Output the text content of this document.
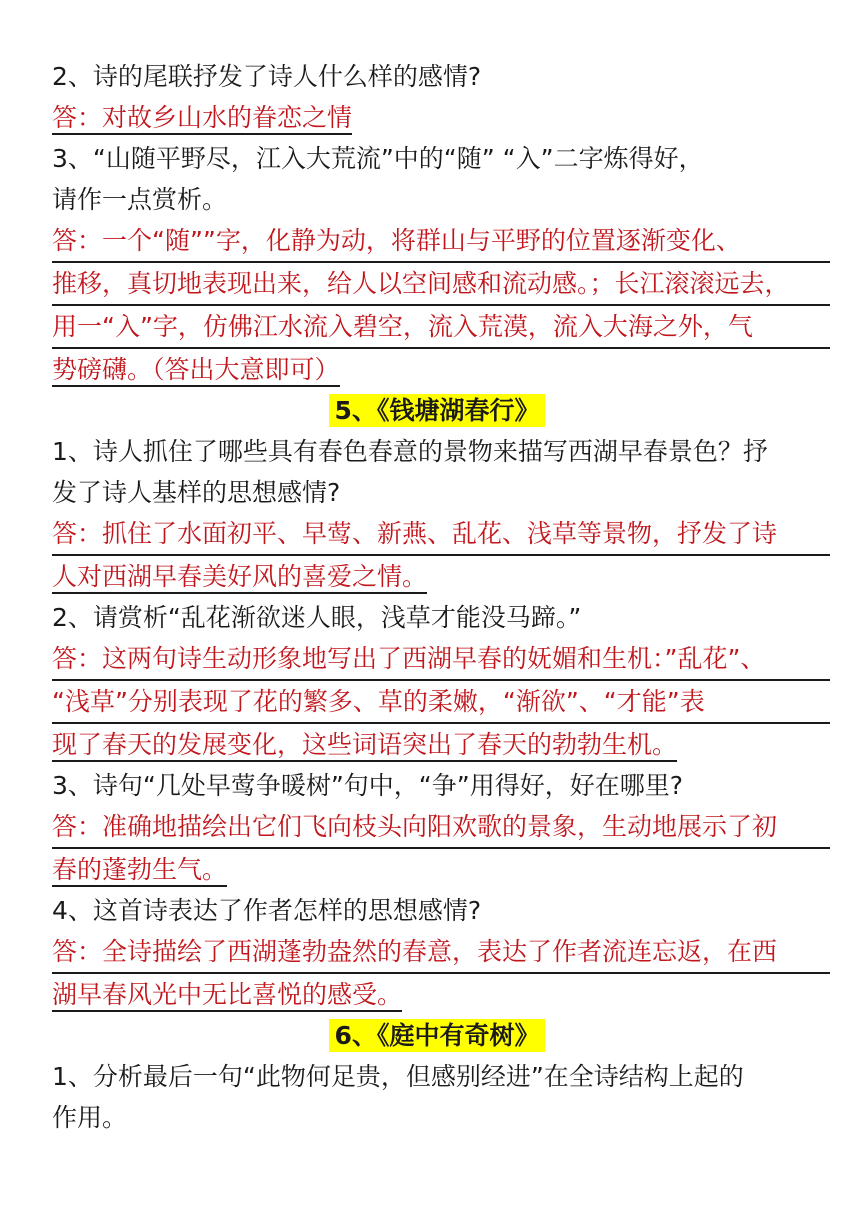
2、诗的尾联抒发了诗人什么样的感情?
答：对故乡山水的眷恋之情
3、“山随平野尽，江入大荒流”中的“随” “入”二字炼得好，
请作一点赏析。
答：一个“随””字，化静为动，将群山与平野的位置逐渐变化、
推移，真切地表现出来，给人以空间感和流动感。；长江滚滚远去，
用一“入”字，仿佛江水流入碧空，流入荒漠，流入大海之外，气
势磅礴。（答出大意即可）
5、《钱塘湖春行》
1、诗人抓住了哪些具有春色春意的景物来描写西湖早春景色？抒
发了诗人基样的思想感情?
答：抓住了水面初平、早莺、新燕、乱花、浅草等景物，抒发了诗
人对西湖早春美好风的喜爱之情。
2、请赏析“乱花渐欲迷人眼，浅草才能没马蹄。”
答：这两句诗生动形象地写出了西湖早春的妩媚和生机：”乱花”、
“浅草”分别表现了花的繁多、草的柔嫩，“渐欲”、“才能”表
现了春天的发展变化，这些词语突出了春天的勃勃生机。
3、诗句“几处早莺争暖树”句中，“争”用得好，好在哪里?
答：准确地描绘出它们飞向枝头向阳欢歌的景象，生动地展示了初
春的蓬勃生气。
4、这首诗表达了作者怎样的思想感情?
答：全诗描绘了西湖蓬勃盎然的春意，表达了作者流连忘返，在西
湖早春风光中无比喜悦的感受。
6、《庭中有奇树》
1、分析最后一句“此物何足贵，但感别经进”在全诗结构上起的
作用。
